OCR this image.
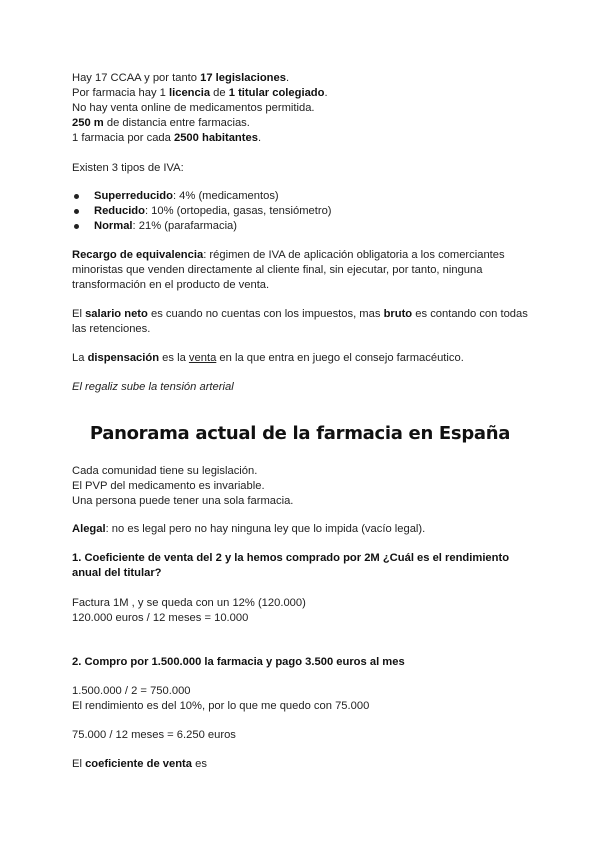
Hay 17 CCAA y por tanto 17 legislaciones.
Por farmacia hay 1 licencia de 1 titular colegiado.
No hay venta online de medicamentos permitida.
250 m de distancia entre farmacias.
1 farmacia por cada 2500 habitantes.
Existen 3 tipos de IVA:
Superreducido: 4% (medicamentos)
Reducido: 10% (ortopedia, gasas, tensiómetro)
Normal: 21% (parafarmacia)
Recargo de equivalencia: régimen de IVA de aplicación obligatoria a los comerciantes
minoristas que venden directamente al cliente final, sin ejecutar, por tanto, ninguna
transformación en el producto de venta.
El salario neto es cuando no cuentas con los impuestos, mas bruto es contando con todas
las retenciones.
La dispensación es la venta en la que entra en juego el consejo farmacéutico.
El regaliz sube la tensión arterial
Panorama actual de la farmacia en España
Cada comunidad tiene su legislación.
El PVP del medicamento es invariable.
Una persona puede tener una sola farmacia.
Alegal: no es legal pero no hay ninguna ley que lo impida (vacío legal).
1. Coeficiente de venta del 2 y la hemos comprado por 2M ¿Cuál es el rendimiento
anual del titular?
Factura 1M , y se queda con un 12% (120.000)
120.000 euros / 12 meses = 10.000
2. Compro por 1.500.000 la farmacia y pago 3.500 euros al mes
1.500.000 / 2 = 750.000
El rendimiento es del 10%, por lo que me quedo con 75.000
75.000 / 12 meses = 6.250 euros
El coeficiente de venta es
